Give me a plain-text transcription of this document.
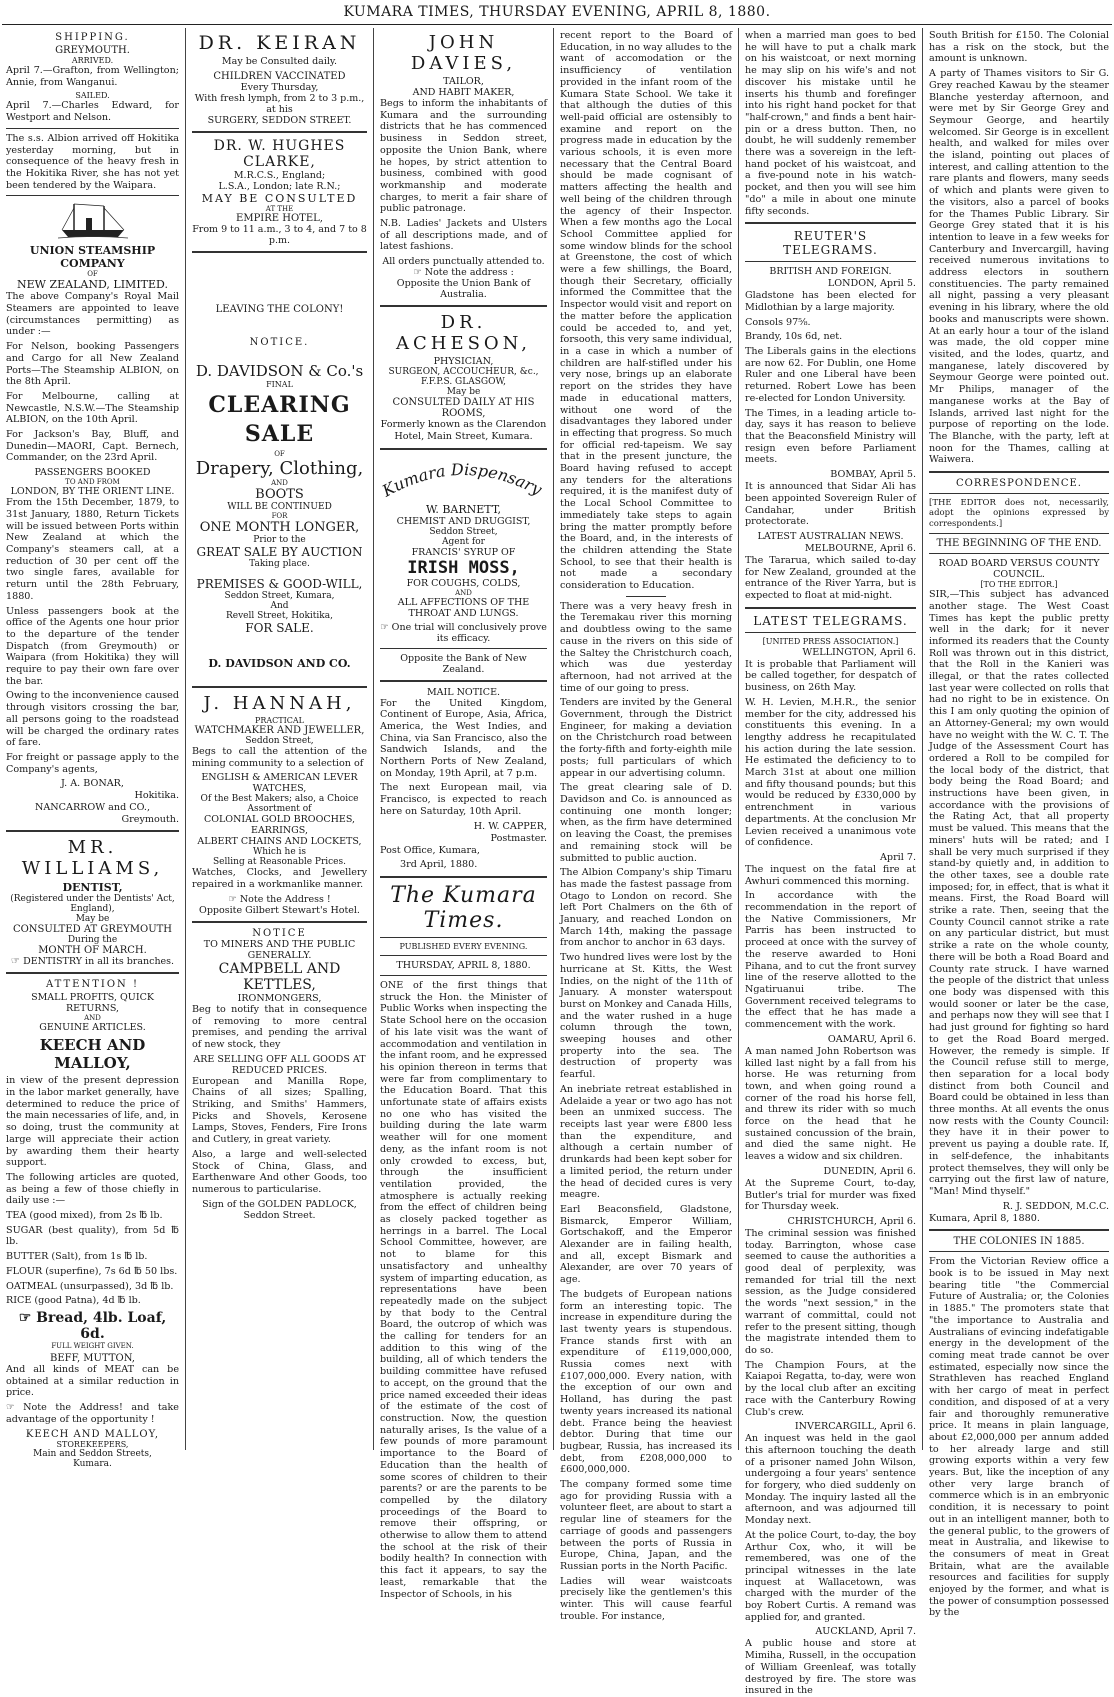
KUMARA TIMES, THURSDAY EVENING, APRIL 8, 1880.
SHIPPING.
GREYMOUTH.
ARRIVED.

April 7.—Grafton, from Wellington; Annie, from Wanganui.

SAILED.

April 7.—Charles Edward, for Westport and Nelson.

The s.s. Albion arrived off Hokitika yesterday morning, but in consequence of the heavy fresh in the Hokitika River, she has not yet been tendered by the Waipara.

UNION STEAMSHIP COMPANY
OF
NEW ZEALAND, LIMITED.

The above Company's Royal Mail Steamers are appointed to leave (circumstances permitting) as under :—

For Nelson, booking Passengers and Cargo for all New Zealand Ports—The Steamship ALBION, on the 8th April.

For Melbourne, calling at Newcastle, N.S.W.—The Steamship ALBION, on the 10th April.

For Jackson's Bay, Bluff, and Dunedin—MAORI, Capt. Bernech, Commander, on the 23rd April.

PASSENGERS BOOKED
TO AND FROM
LONDON, BY THE ORIENT LINE.

From the 15th December, 1879, to 31st January, 1880, Return Tickets will be issued between Ports within New Zealand at which the Company's steamers call, at a reduction of 30 per cent off the two single fares, available for return until the 28th February, 1880.

Unless passengers book at the office of the Agents one hour prior to the departure of the tender Dispatch (from Greymouth) or Waipara (from Hokitika) they will require to pay their own fare over the bar.

Owing to the inconvenience caused through visitors crossing the bar, all persons going to the roadstead will be charged the ordinary rates of fare.

For freight or passage apply to the Company's agents,

J. A. BONAR,
Hokitika.
NANCARROW and CO.,
Greymouth.
MR. WILLIAMS,
DENTIST,
(Registered under the Dentists' Act, England),
May be
CONSULTED AT GREYMOUTH
During the
MONTH OF MARCH.
☞ DENTISTRY in all its branches.
ATTENTION !
SMALL PROFITS, QUICK RETURNS,
AND
GENUINE ARTICLES.
KEECH AND MALLOY,

in view of the present depression in the labor market generally, have determined to reduce the price of the main necessaries of life, and, in so doing, trust the community at large will appreciate their action by awarding them their hearty support.

The following articles are quoted, as being a few of those chiefly in daily use :—

TEA (good mixed), from 2s ℔ lb.

SUGAR (best quality), from 5d ℔ lb.

BUTTER (Salt), from 1s ℔ lb.

FLOUR (superfine), 7s 6d ℔ 50 lbs.

OATMEAL (unsurpassed), 3d ℔ lb.

RICE (good Patna), 4d ℔ lb.

☞ Bread, 4lb. Loaf, 6d.
FULL WEIGHT GIVEN.
BEFF, MUTTON,

And all kinds of MEAT can be obtained at a similar reduction in price.

☞ Note the Address! and take advantage of the opportunity !

KEECH AND MALLOY,
STOREKEEPERS,
Main and Seddon Streets,
Kumara.
DR. KEIRAN
May be Consulted daily.
CHILDREN VACCINATED
Every Thursday,
With fresh lymph, from 2 to 3 p.m., at his
SURGERY, SEDDON STREET.
DR. W. HUGHES CLARKE,
M.R.C.S., England;
L.S.A., London; late R.N.;
MAY BE CONSULTED
AT THE
EMPIRE HOTEL,
From 9 to 11 a.m., 3 to 4, and 7 to 8 p.m.
LEAVING THE COLONY!
NOTICE.
D. DAVIDSON & Co.'s
FINAL
CLEARING
SALE
OF
Drapery, Clothing,
AND
BOOTS
WILL BE CONTINUED
FOR
ONE MONTH LONGER,
Prior to the
GREAT SALE BY AUCTION
Taking place.
PREMISES & GOOD-WILL,
Seddon Street, Kumara,
And
Revell Street, Hokitika,
FOR SALE.
D. DAVIDSON AND CO.
J. HANNAH,
PRACTICAL
WATCHMAKER AND JEWELLER,
Seddon Street,

Begs to call the attention of the mining community to a selection of

ENGLISH & AMERICAN LEVER WATCHES,
Of the Best Makers; also, a Choice Assortment of
COLONIAL GOLD BROOCHES, EARRINGS,
ALBERT CHAINS AND LOCKETS,
Which he is
Selling at Reasonable Prices.

Watches, Clocks, and Jewellery repaired in a workmanlike manner.

☞ Note the Address !
Opposite Gilbert Stewart's Hotel.
NOTICE
TO MINERS AND THE PUBLIC GENERALLY.
CAMPBELL AND KETTLES,
IRONMONGERS,

Beg to notify that in consequence of removing to more central premises, and pending the arrival of new stock, they

ARE SELLING OFF ALL GOODS AT REDUCED PRICES.

European and Manilla Rope, Chains of all sizes; Spalling, Striking, and Smiths' Hammers, Picks and Shovels, Kerosene Lamps, Stoves, Fenders, Fire Irons and Cutlery, in great variety.

Also, a large and well-selected Stock of China, Glass, and Earthenware And other Goods, too numerous to particularise.

Sign of the GOLDEN PADLOCK,
Seddon Street.
JOHN DAVIES,
TAILOR,
AND HABIT MAKER,

Begs to inform the inhabitants of Kumara and the surrounding districts that he has commenced business in Seddon street, opposite the Union Bank, where he hopes, by strict attention to business, combined with good workmanship and moderate charges, to merit a fair share of public patronage.

N.B. Ladies' Jackets and Ulsters of all descriptions made, and of latest fashions.

All orders punctually attended to.
☞ Note the address :
Opposite the Union Bank of Australia.
DR. ACHESON,
PHYSICIAN,
SURGEON, ACCOUCHEUR, &c.,
F.F.P.S. GLASGOW,
May be
CONSULTED DAILY AT HIS ROOMS,

Formerly known as the Clarendon Hotel, Main Street, Kumara.

Kumara Dispensary
W. BARNETT,
CHEMIST AND DRUGGIST,
Seddon Street,
Agent for
FRANCIS' SYRUP OF
IRISH MOSS,
FOR COUGHS, COLDS,
AND
ALL AFFECTIONS OF THE THROAT AND LUNGS.
☞ One trial will conclusively prove its efficacy.
Opposite the Bank of New Zealand.
MAIL NOTICE.

For the United Kingdom, Continent of Europe, Asia, Africa, America, the West Indies, and China, via San Francisco, also the Sandwich Islands, and the Northern Ports of New Zealand, on Monday, 19th April, at 7 p.m.

The next European mail, via Francisco, is expected to reach here on Saturday, 10th April.

H. W. CAPPER,
Postmaster.

Post Office, Kumara,

3rd April, 1880.

The Kumara Times.
PUBLISHED EVERY EVENING.
THURSDAY, APRIL 8, 1880.

ONE of the first things that struck the Hon. the Minister of Public Works when inspecting the State School here on the occasion of his late visit was the want of accommodation and ventilation in the infant room, and he expressed his opinion thereon in terms that were far from complimentary to the Education Board. That this unfortunate state of affairs exists no one who has visited the building during the late warm weather will for one moment deny, as the infant room is not only crowded to excess, but, through the insufficient ventilation provided, the atmosphere is actually reeking from the effect of children being as closely packed together as herrings in a barrel. The Local School Committee, however, are not to blame for this unsatisfactory and unhealthy system of imparting education, as representations have been repeatedly made on the subject by that body to the Central Board, the outcrop of which was the calling for tenders for an addition to this wing of the building, all of which tenders the building committee have refused to accept, on the ground that the price named exceeded their ideas of the estimate of the cost of construction. Now, the question naturally arises, Is the value of a few pounds of more paramount importance to the Board of Education than the health of some scores of children to their parents? or are the parents to be compelled by the dilatory proceedings of the Board to remove their offspring, or otherwise to allow them to attend the school at the risk of their bodily health? In connection with this fact it appears, to say the least, remarkable that the Inspector of Schools, in his

recent report to the Board of Education, in no way alludes to the want of accomodation or the insufficiency of ventilation provided in the infant room of the Kumara State School. We take it that although the duties of this well-paid official are ostensibly to examine and report on the progress made in education by the various schools, it is even more necessary that the Central Board should be made cognisant of matters affecting the health and well being of the children through the agency of their Inspector. When a few months ago the Local School Committee applied for some window blinds for the school at Greenstone, the cost of which were a few shillings, the Board, though their Secretary, officially informed the Committee that the Inspector would visit and report on the matter before the application could be acceded to, and yet, forsooth, this very same individual, in a case in which a number of children are half-stifled under his very nose, brings up an elaborate report on the strides they have made in educational matters, without one word of the disadvantages they labored under in effecting that progress. So much for official red-tapeism. We say that in the present juncture, the Board having refused to accept any tenders for the alterations required, it is the manifest duty of the Local School Committee to immediately take steps to again bring the matter promptly before the Board, and, in the interests of the children attending the State School, to see that their health is not made a secondary consideration to Education.

There was a very heavy fresh in the Teremakau river this morning and doubtless owing to the same cause in the rivers on this side of the Saltey the Christchurch coach, which was due yesterday afternoon, had not arrived at the time of our going to press.

Tenders are invited by the General Government, through the District Engineer, for making a deviation on the Christchurch road between the forty-fifth and forty-eighth mile posts; full particulars of which appear in our advertising column.

The great clearing sale of D. Davidson and Co. is announced as continuing one month longer; when, as the firm have determined on leaving the Coast, the premises and remaining stock will be submitted to public auction.

The Albion Company's ship Timaru has made the fastest passage from Otago to London on record. She left Port Chalmers on the 6th of January, and reached London on March 14th, making the passage from anchor to anchor in 63 days.

Two hundred lives were lost by the hurricane at St. Kitts, the West Indies, on the night of the 11th of January. A monster waterspout burst on Monkey and Canada Hills, and the water rushed in a huge column through the town, sweeping houses and other property into the sea. The destruction of property was fearful.

An inebriate retreat established in Adelaide a year or two ago has not been an unmixed success. The receipts last year were £800 less than the expenditure, and although a certain number of drunkards had been kept sober for a limited period, the return under the head of decided cures is very meagre.

Earl Beaconsfield, Gladstone, Bismarck, Emperor William, Gortschakoff, and the Emperor Alexander are in failing health, and all, except Bismark and Alexander, are over 70 years of age.

The budgets of European nations form an interesting topic. The increase in expenditure during the last twenty years is stupendous. France stands first with an expenditure of £119,000,000, Russia comes next with £107,000,000. Every nation, with the exception of our own and Holland, has during the past twenty years increased its national debt. France being the heaviest debtor. During that time our bugbear, Russia, has increased its debt, from £208,000,000 to £600,000,000.

The company formed some time ago for providing Russia with a volunteer fleet, are about to start a regular line of steamers for the carriage of goods and passengers between the ports of Russia in Europe, China, Japan, and the Russian ports in the North Pacific.

Ladies will wear waistcoats precisely like the gentlemen's this winter. This will cause fearful trouble. For instance,

when a married man goes to bed he will have to put a chalk mark on his waistcoat, or next morning he may slip on his wife's and not discover his mistake until he inserts his thumb and forefinger into his right hand pocket for that "half-crown," and finds a bent hair-pin or a dress button. Then, no doubt, he will suddenly remember there was a sovereign in the left-hand pocket of his waistcoat, and a five-pound note in his watch-pocket, and then you will see him "do" a mile in about one minute fifty seconds.

REUTER'S TELEGRAMS.
BRITISH AND FOREIGN.
LONDON, April 5.

Gladstone has been elected for Midlothian by a large majority.

Consols 97⅝.

Brandy, 10s 6d, net.

The Liberals gains in the elections are now 62. For Dublin, one Home Ruler and one Liberal have been returned. Robert Lowe has been re-elected for London University.

The Times, in a leading article to-day, says it has reason to believe that the Beaconsfield Ministry will resign even before Parliament meets.

BOMBAY, April 5.

It is announced that Sidar Ali has been appointed Sovereign Ruler of Candahar, under British protectorate.

LATEST AUSTRALIAN NEWS.
MELBOURNE, April 6.

The Tararua, which sailed to-day for New Zealand, grounded at the entrance of the River Yarra, but is expected to float at mid-night.

LATEST TELEGRAMS.
[UNITED PRESS ASSOCIATION.]
WELLINGTON, April 6.

It is probable that Parliament will be called together, for despatch of business, on 26th May.

W. H. Levien, M.H.R., the senior member for the city, addressed his constituents this evening. In a lengthy address he recapitulated his action during the late session. He estimated the deficiency to to March 31st at about one million and fifty thousand pounds; but this would be reduced by £330,000 by entrenchment in various departments. At the conclusion Mr Levien received a unanimous vote of confidence.

April 7.

The inquest on the fatal fire at Awhuri commenced this morning.

In accordance with the recommendation in the report of the Native Commissioners, Mr Parris has been instructed to proceed at once with the survey of the reserve awarded to Honi Pihana, and to cut the front survey line of the reserve allotted to the Ngatiruanui tribe. The Government received telegrams to the effect that he has made a commencement with the work.

OAMARU, April 6.

A man named John Robertson was killed last night by a fall from his horse. He was returning from town, and when going round a corner of the road his horse fell, and threw its rider with so much force on the head that he sustained concussion of the brain, and died the same night. He leaves a widow and six children.

DUNEDIN, April 6.

At the Supreme Court, to-day, Butler's trial for murder was fixed for Thursday week.

CHRISTCHURCH, April 6.

The criminal session was finished today. Barrington, whose case seemed to cause the authorities a good deal of perplexity, was remanded for trial till the next session, as the Judge considered the words "next session," in the warrant of committal, could not refer to the present sitting, though the magistrate intended them to do so.

The Champion Fours, at the Kaiapoi Regatta, to-day, were won by the local club after an exciting race with the Canterbury Rowing Club's crew.

INVERCARGILL, April 6.

An inquest was held in the gaol this afternoon touching the death of a prisoner named John Wilson, undergoing a four years' sentence for forgery, who died suddenly on Monday. The inquiry lasted all the afternoon, and was adjourned till Monday next.

At the police Court, to-day, the boy Arthur Cox, who, it will be remembered, was one of the principal witnesses in the late inquest at Wallacetown, was charged with the murder of the boy Robert Curtis. A remand was applied for, and granted.

AUCKLAND, April 7.

A public house and store at Mimiha, Russell, in the occupation of William Greenleaf, was totally destroyed by fire. The store was insured in the

South British for £150. The Colonial has a risk on the stock, but the amount is unknown.

A party of Thames visitors to Sir G. Grey reached Kawau by the steamer Blanche yesterday afternoon, and were met by Sir George Grey and Seymour George, and heartily welcomed. Sir George is in excellent health, and walked for miles over the island, pointing out places of interest, and calling attention to the rare plants and flowers, many seeds of which and plants were given to the visitors, also a parcel of books for the Thames Public Library. Sir George Grey stated that it is his intention to leave in a few weeks for Canterbury and Invercargill, having received numerous invitations to address electors in southern constituencies. The party remained all night, passing a very pleasant evening in his library, where the old books and manuscripts were shown. At an early hour a tour of the island was made, the old copper mine visited, and the lodes, quartz, and manganese, lately discovered by Seymour George were pointed out. Mr Philips, manager of the manganese works at the Bay of Islands, arrived last night for the purpose of reporting on the lode. The Blanche, with the party, left at noon for the Thames, calling at Waiwera.

CORRESPONDENCE.

[THE EDITOR does not, necessarily, adopt the opinions expressed by correspondents.]

THE BEGINNING OF THE END.
ROAD BOARD VERSUS COUNTY COUNCIL.
[TO THE EDITOR.]

SIR,—This subject has advanced another stage. The West Coast Times has kept the public pretty well in the dark; for it never informed its readers that the County Roll was thrown out in this district, that the Roll in the Kanieri was illegal, or that the rates collected last year were collected on rolls that had no right to be in existence. On this I am only quoting the opinion of an Attorney-General; my own would have no weight with the W. C. T. The Judge of the Assessment Court has ordered a Roll to be compiled for the local body of the district, that body being the Road Board; and instructions have been given, in accordance with the provisions of the Rating Act, that all property must be valued. This means that the miners' huts will be rated; and I shall be very much surprised if they stand-by quietly and, in addition to the other taxes, see a double rate imposed; for, in effect, that is what it means. First, the Road Board will strike a rate. Then, seeing that the County Council cannot strike a rate on any particular district, but must strike a rate on the whole county, there will be both a Road Board and County rate struck. I have warned the people of the district that unless one body was dispensed with this would sooner or later be the case, and perhaps now they will see that I had just ground for fighting so hard to get the Road Board merged. However, the remedy is simple. If the Council refuse still to merge, then separation for a local body distinct from both Council and Board could be obtained in less than three months. At all events the onus now rests with the County Council: they have it in their power to prevent us paying a double rate. If, in self-defence, the inhabitants protect themselves, they will only be carrying out the first law of nature, "Man! Mind thyself."

R. J. SEDDON, M.C.C.

Kumara, April 8, 1880.

THE COLONIES IN 1885.

From the Victorian Review office a book is to be issued in May next bearing title "the Commercial Future of Australia; or, the Colonies in 1885." The promoters state that "the importance to Australia and Australians of evincing indefatigable energy in the development of the coming meat trade cannot be over estimated, especially now since the Strathleven has reached England with her cargo of meat in perfect condition, and disposed of at a very fair and thoroughly remunerative price. It means in plain language, about £2,000,000 per annum added to her already large and still growing exports within a very few years. But, like the inception of any other very large branch of commerce which is in an embryonic condition, it is necessary to point out in an intelligent manner, both to the general public, to the growers of meat in Australia, and likewise to the consumers of meat in Great Britain, what are the available resources and facilities for supply enjoyed by the former, and what is the power of consumption possessed by the
